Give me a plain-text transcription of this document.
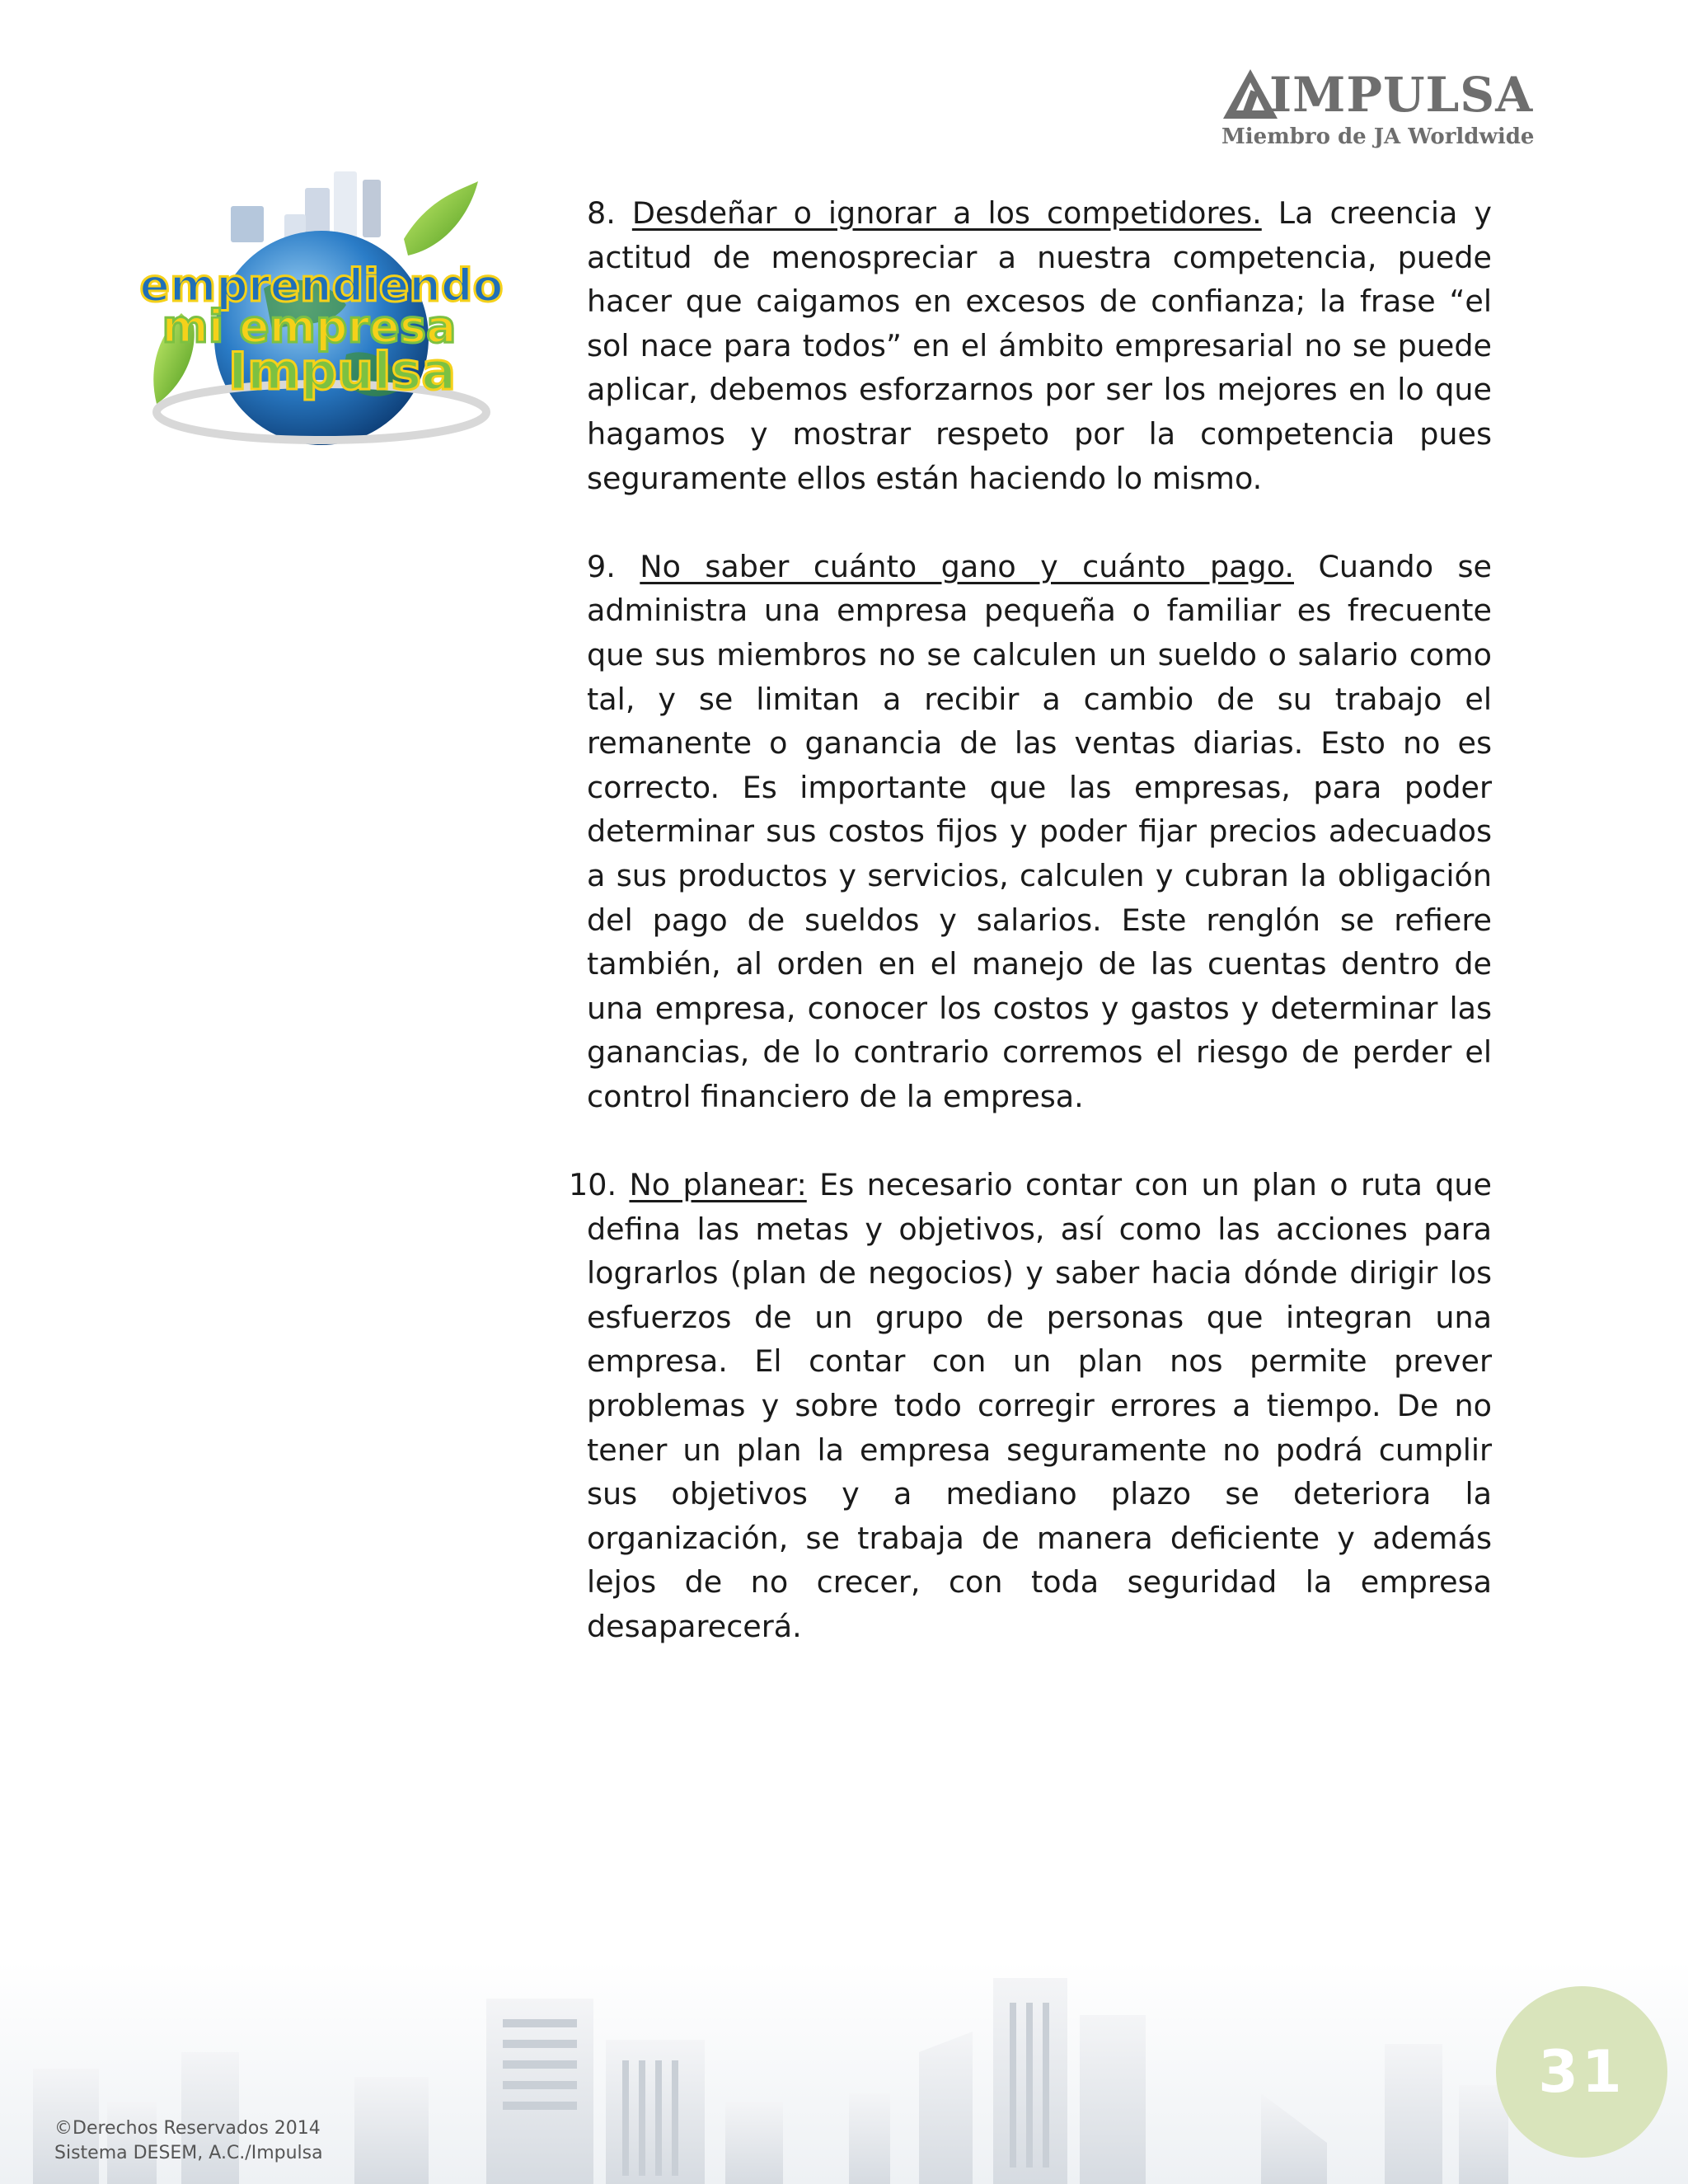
IMPULSA
Miembro de JA Worldwide
emprendiendo
mi empresa
Impulsa

8. Desdeñar o ignorar a los competidores. La creencia y actitud de menospreciar a nuestra competencia, puede hacer que caigamos en excesos de confianza; la frase “el sol nace para todos” en el ámbito empresarial no se puede aplicar, debemos esforzarnos por ser los mejores en lo que hagamos y mostrar respeto por la competencia pues seguramente ellos están haciendo lo mismo.

9. No saber cuánto gano y cuánto pago. Cuando se administra una empresa pequeña o familiar es frecuente que sus miembros no se calculen un sueldo o salario como tal, y se limitan a recibir a cambio de su trabajo el remanente o ganancia de las ventas diarias. Esto no es correcto. Es importante que las empresas, para poder determinar sus costos fijos y poder fijar precios adecuados a sus productos y servicios, calculen y cubran la obligación del pago de sueldos y salarios. Este renglón se refiere también, al orden en el manejo de las cuentas dentro de una empresa, conocer los costos y gastos y determinar las ganancias, de lo contrario corremos el riesgo de perder el control financiero de la empresa.

10. No planear: Es necesario contar con un plan o ruta que defina las metas y objetivos, así como las acciones para lograrlos (plan de negocios) y saber hacia dónde dirigir los esfuerzos de un grupo de personas que integran una empresa. El contar con un plan nos permite prever problemas y sobre todo corregir errores a tiempo. De no tener un plan la empresa seguramente no podrá cumplir sus objetivos y a mediano plazo se deteriora la organización, se trabaja de manera deficiente y además lejos de no crecer, con toda seguridad la empresa desaparecerá.

©Derechos Reservados 2014
Sistema DESEM, A.C./Impulsa
31
